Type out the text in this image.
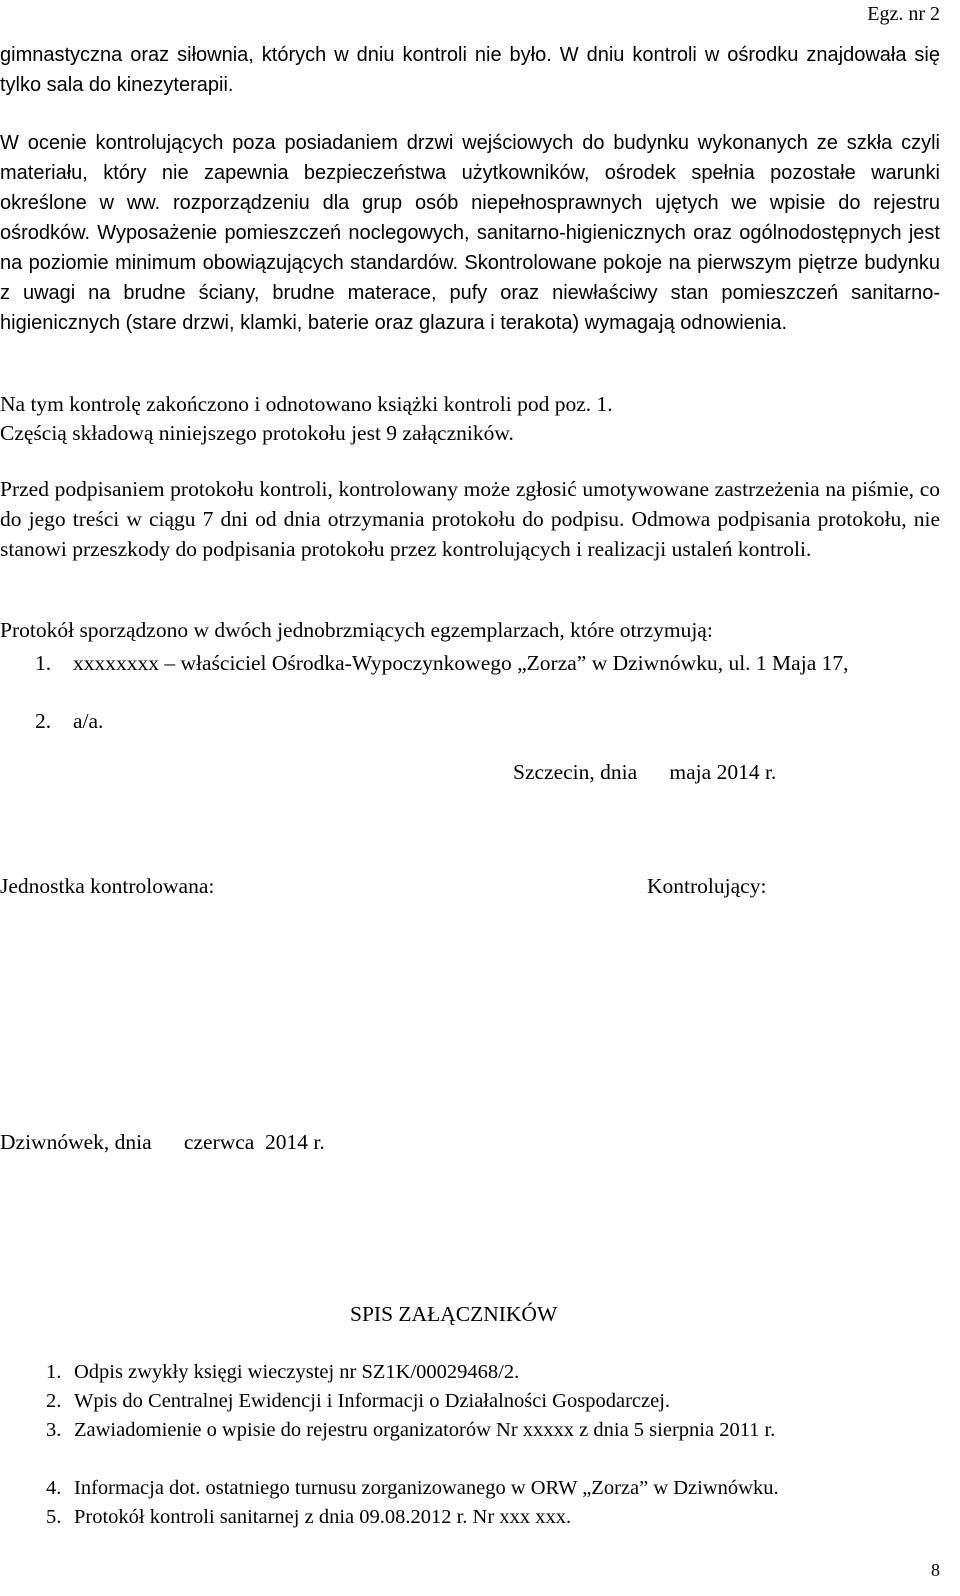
Egz. nr 2
gimnastyczna oraz siłownia, których w dniu kontroli nie było. W dniu kontroli w ośrodku znajdowała się tylko sala do kinezyterapii.
W ocenie kontrolujących poza posiadaniem drzwi wejściowych do budynku wykonanych ze szkła czyli materiału, który nie zapewnia bezpieczeństwa użytkowników, ośrodek spełnia pozostałe warunki określone w ww. rozporządzeniu dla grup osób niepełnosprawnych ujętych we wpisie do rejestru ośrodków. Wyposażenie pomieszczeń noclegowych, sanitarno-higienicznych oraz ogólnodostępnych jest na poziomie minimum obowiązujących standardów. Skontrolowane pokoje na pierwszym piętrze budynku z uwagi na brudne ściany, brudne materace, pufy oraz niewłaściwy stan pomieszczeń sanitarno-higienicznych (stare drzwi, klamki, baterie oraz glazura i terakota) wymagają odnowienia.
Na tym kontrolę zakończono i odnotowano książki kontroli pod poz. 1.
Częścią składową niniejszego protokołu jest 9 załączników.
Przed podpisaniem protokołu kontroli, kontrolowany może zgłosić umotywowane zastrzeżenia na piśmie, co do jego treści w ciągu 7 dni od dnia otrzymania protokołu do podpisu. Odmowa podpisania protokołu, nie stanowi przeszkody do podpisania protokołu przez kontrolujących i realizacji ustaleń kontroli.
Protokół sporządzono w dwóch jednobrzmiących egzemplarzach, które otrzymują:
1. xxxxxxxx – właściciel Ośrodka-Wypoczynkowego „Zorza” w Dziwnówku, ul. 1 Maja 17,
2. a/a.
Szczecin, dnia      maja 2014 r.
Jednostka kontrolowana:	Kontrolujący:
Dziwnówek, dnia      czerwca  2014 r.
SPIS ZAŁĄCZNIKÓW
1. Odpis zwykły księgi wieczystej nr SZ1K/00029468/2.
2. Wpis do Centralnej Ewidencji i Informacji o Działalności Gospodarczej.
3. Zawiadomienie o wpisie do rejestru organizatorów Nr xxxxx z dnia 5 sierpnia 2011 r.
4. Informacja dot. ostatniego turnusu zorganizowanego w ORW „Zorza” w Dziwnówku.
5. Protokół kontroli sanitarnej z dnia 09.08.2012 r. Nr xxx xxx.
8
